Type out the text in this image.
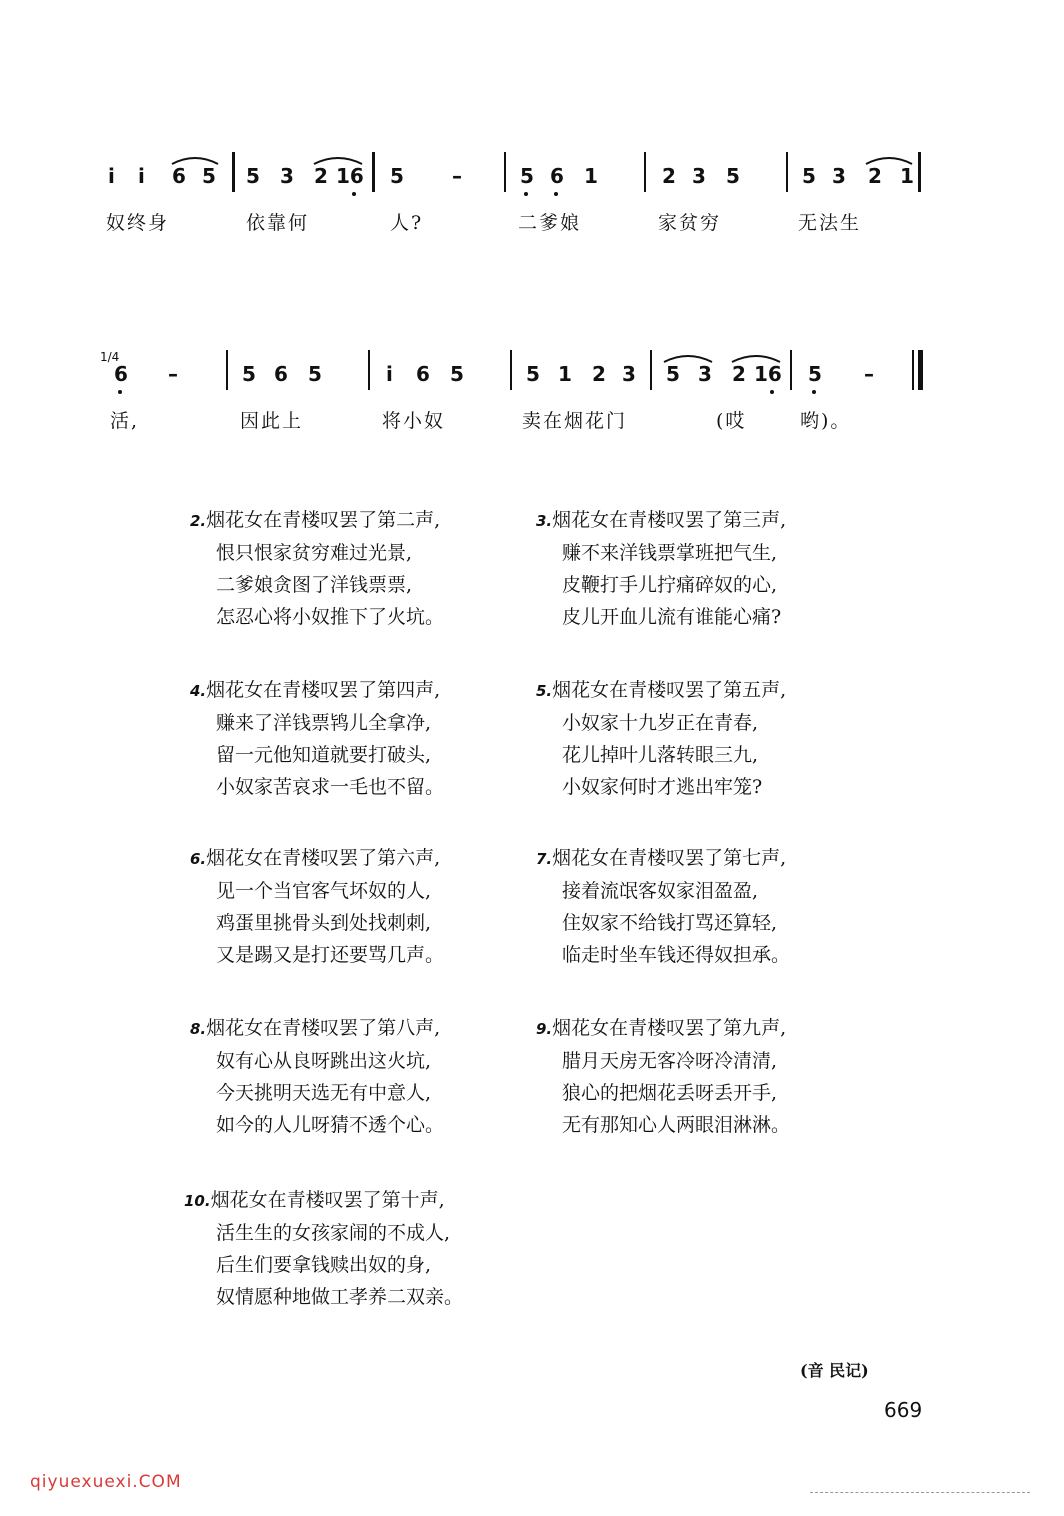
i i 6 5 5 3 2 16 5 –	5 6 1	2 3 5	5 3 2 1
奴终身	依靠何	人?	二爹娘	家贫穷	无法生
1/4
6 –	5 6 5	i 6 5	5 1 2 3 5 3 2 16 5 –
活,	因此上	将小奴	卖在烟花门	(哎	哟)。
2.烟花女在青楼叹罢了第二声,
恨只恨家贫穷难过光景,
二爹娘贪图了洋钱票票,
怎忍心将小奴推下了火坑。
3.烟花女在青楼叹罢了第三声,
赚不来洋钱票掌班把气生,
皮鞭打手儿拧痛碎奴的心,
皮儿开血儿流有谁能心痛?
4.烟花女在青楼叹罢了第四声,
赚来了洋钱票鸨儿全拿净,
留一元他知道就要打破头,
小奴家苦哀求一毛也不留。
5.烟花女在青楼叹罢了第五声,
小奴家十九岁正在青春,
花儿掉叶儿落转眼三九,
小奴家何时才逃出牢笼?
6.烟花女在青楼叹罢了第六声,
见一个当官客气坏奴的人,
鸡蛋里挑骨头到处找刺刺,
又是踢又是打还要骂几声。
7.烟花女在青楼叹罢了第七声,
接着流氓客奴家泪盈盈,
住奴家不给钱打骂还算轻,
临走时坐车钱还得奴担承。
8.烟花女在青楼叹罢了第八声,
奴有心从良呀跳出这火坑,
今天挑明天选无有中意人,
如今的人儿呀猜不透个心。
9.烟花女在青楼叹罢了第九声,
腊月天房无客冷呀冷清清,
狼心的把烟花丢呀丢开手,
无有那知心人两眼泪淋淋。
10.烟花女在青楼叹罢了第十声,
活生生的女孩家闹的不成人,
后生们要拿钱赎出奴的身,
奴情愿种地做工孝养二双亲。
(音 民记)
669
qiyuexuexi.COM
